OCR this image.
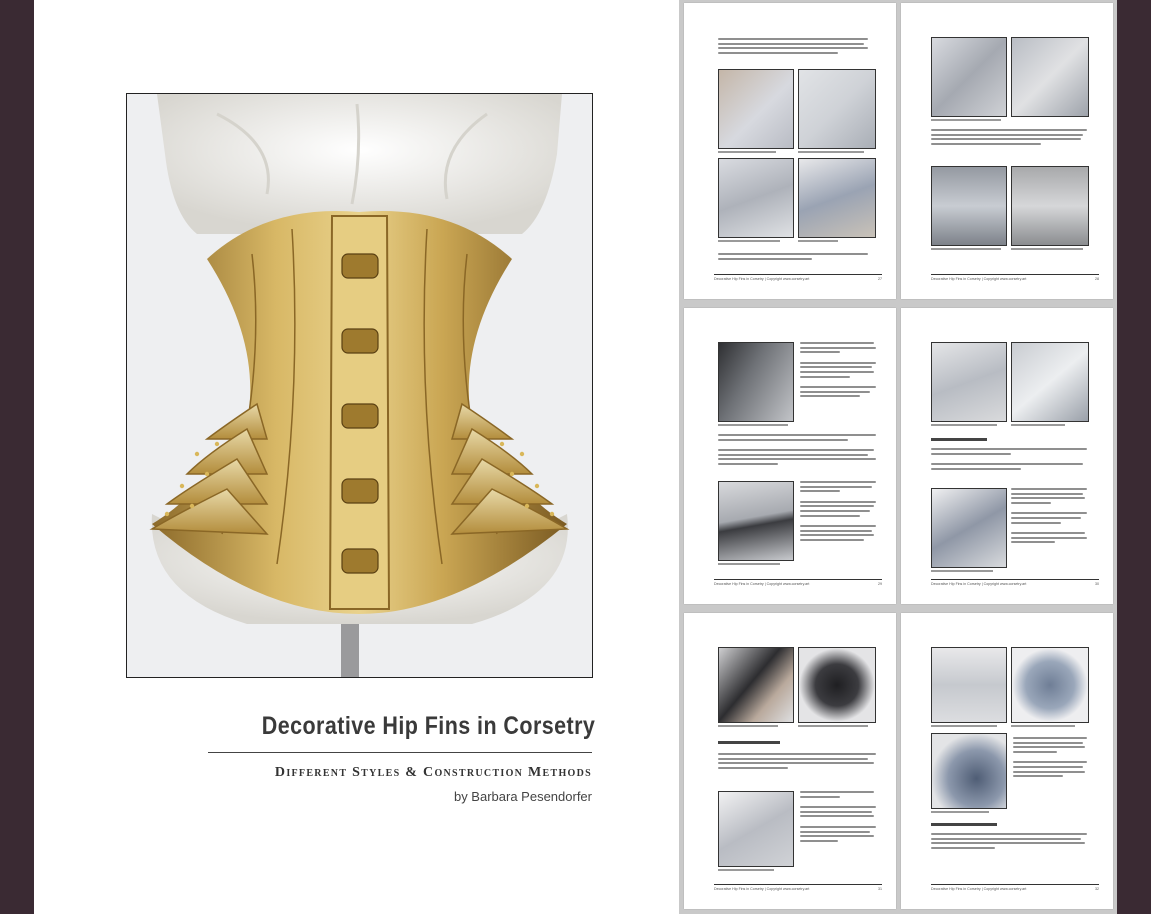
Decorative Hip Fins in Corsetry
Different Styles & Construction Methods
by Barbara Pesendorfer
Decorative Hip Fins in Corsetry | Copyright www.corsetry.art	27	Decorative Hip Fins in Corsetry | Copyright www.corsetry.art	28
Decorative Hip Fins in Corsetry | Copyright www.corsetry.art	29	Decorative Hip Fins in Corsetry | Copyright www.corsetry.art	30
Decorative Hip Fins in Corsetry | Copyright www.corsetry.art	31	Decorative Hip Fins in Corsetry | Copyright www.corsetry.art	32
